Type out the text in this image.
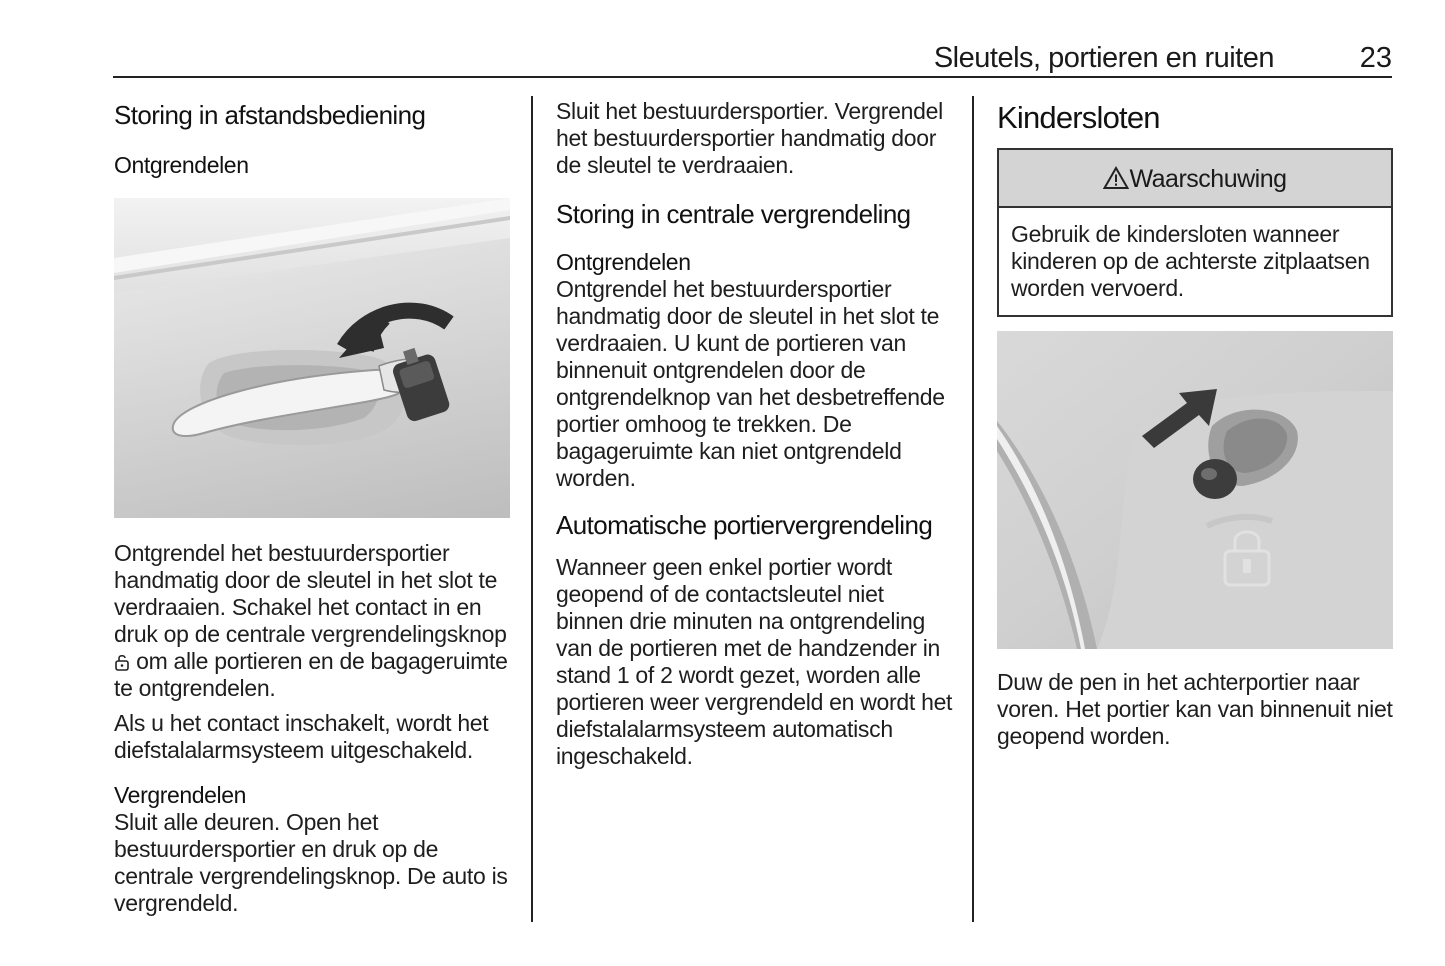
Sleutels, portieren en ruiten	23
Storing in afstandsbediening
Ontgrendelen

Ontgrendel het bestuurdersportier handmatig door de sleutel in het slot te verdraaien. Schakel het contact in en druk op de centrale vergrendelingsknop  om alle portieren en de bagageruimte te ontgrendelen.

Als u het contact inschakelt, wordt het diefstalalarmsysteem uitgeschakeld.

Vergrendelen

Sluit alle deuren. Open het bestuurdersportier en druk op de centrale vergrendelingsknop. De auto is vergrendeld.

Sluit het bestuurdersportier. Vergrendel het bestuurdersportier handmatig door de sleutel te verdraaien.

Storing in centrale vergrendeling
Ontgrendelen

Ontgrendel het bestuurdersportier handmatig door de sleutel in het slot te verdraaien. U kunt de portieren van binnenuit ontgrendelen door de ontgrendelknop van het desbetreffende portier omhoog te trekken. De bagageruimte kan niet ontgrendeld worden.

Automatische portiervergrendeling

Wanneer geen enkel portier wordt geopend of de contactsleutel niet binnen drie minuten na ontgrendeling van de portieren met de handzender in stand 1 of 2 wordt gezet, worden alle portieren weer vergrendeld en wordt het diefstalalarmsysteem automatisch ingeschakeld.

Kindersloten
Waarschuwing

Gebruik de kindersloten wanneer kinderen op de achterste zitplaatsen worden vervoerd.

Duw de pen in het achterportier naar voren. Het portier kan van binnenuit niet geopend worden.
